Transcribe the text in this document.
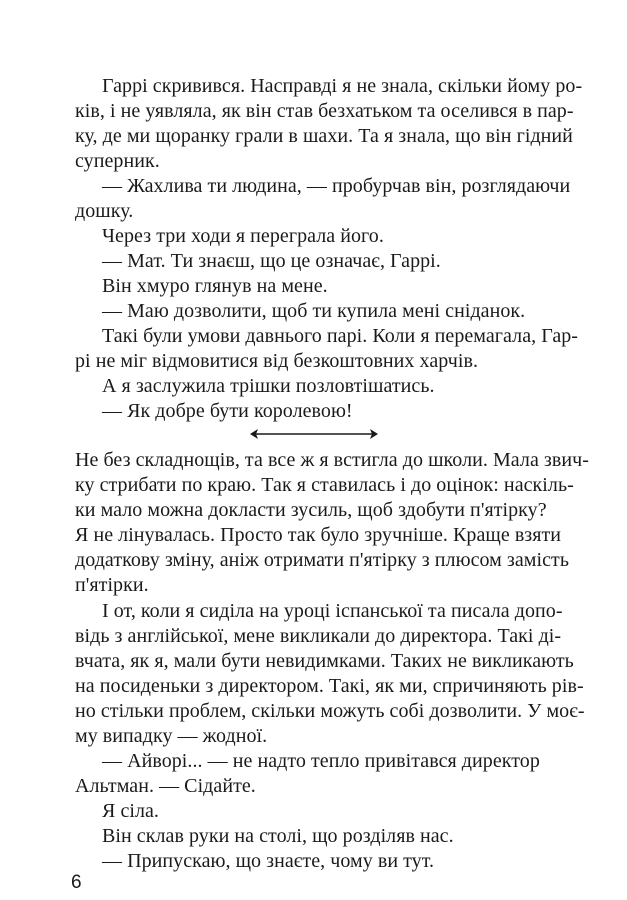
Гаррі скривився. Насправді я не знала, скільки йому ро-
ків, і не уявляла, як він став безхатьком та оселився в пар-
ку, де ми щоранку грали в шахи. Та я знала, що він гідний
суперник.
— Жахлива ти людина, — пробурчав він, розглядаючи
дошку.
Через три ходи я переграла його.
— Мат. Ти знаєш, що це означає, Гаррі.
Він хмуро глянув на мене.
— Маю дозволити, щоб ти купила мені сніданок.
Такі були умови давнього парі. Коли я перемагала, Гар-
рі не міг відмовитися від безкоштовних харчів.
А я заслужила трішки позловтішатись.
— Як добре бути королевою!
Не без складнощів, та все ж я встигла до школи. Мала звич-
ку стрибати по краю. Так я ставилась і до оцінок: наскіль-
ки мало можна докласти зусиль, щоб здобути п'ятірку?
Я не лінувалась. Просто так було зручніше. Краще взяти
додаткову зміну, аніж отримати п'ятірку з плюсом замість
п'ятірки.
І от, коли я сиділа на уроці іспанської та писала допо-
відь з англійської, мене викликали до директора. Такі ді-
вчата, як я, мали бути невидимками. Таких не викликають
на посиденьки з директором. Такі, як ми, спричиняють рів-
но стільки проблем, скільки можуть собі дозволити. У моє-
му випадку — жодної.
— Айворі... — не надто тепло привітався директор
Альтман. — Сідайте.
Я сіла.
Він склав руки на столі, що розділяв нас.
— Припускаю, що знаєте, чому ви тут.
6
